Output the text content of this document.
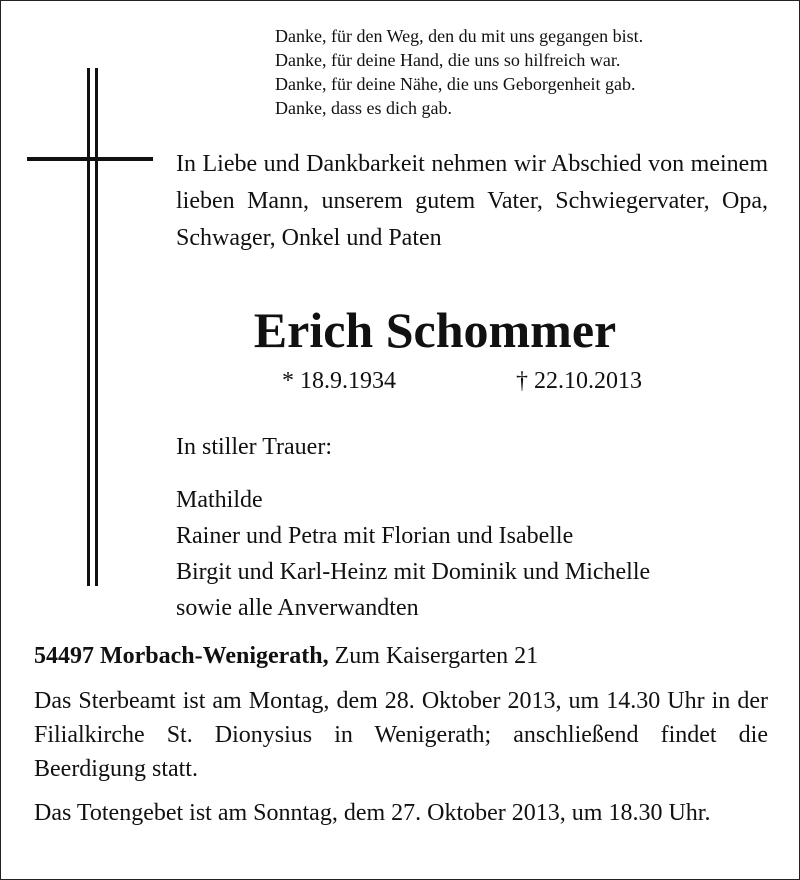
Danke, für den Weg, den du mit uns gegangen bist.
Danke, für deine Hand, die uns so hilfreich war.
Danke, für deine Nähe, die uns Geborgenheit gab.
Danke, dass es dich gab.
In Liebe und Dankbarkeit nehmen wir Abschied von meinem lieben Mann, unserem gutem Vater, Schwiegervater, Opa, Schwager, Onkel und Paten
Erich Schommer
* 18.9.1934	† 22.10.2013
In stiller Trauer:
Mathilde
Rainer und Petra mit Florian und Isabelle
Birgit und Karl-Heinz mit Dominik und Michelle
sowie alle Anverwandten
54497 Morbach-Wenigerath, Zum Kaisergarten 21
Das Sterbeamt ist am Montag, dem 28. Oktober 2013, um 14.30 Uhr in der Filialkirche St. Dionysius in Wenigerath; anschließend findet die Beerdigung statt.
Das Totengebet ist am Sonntag, dem 27. Oktober 2013, um 18.30 Uhr.
